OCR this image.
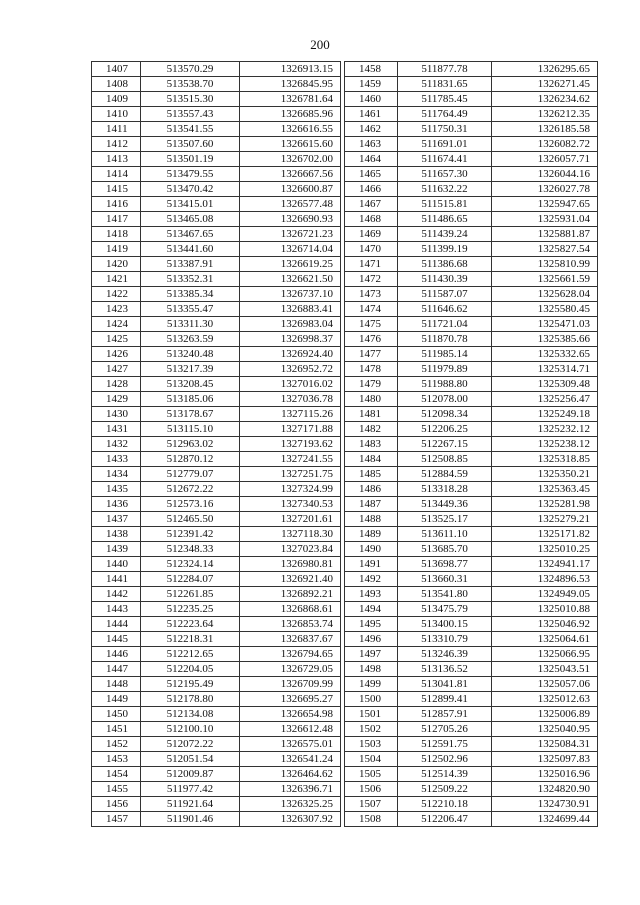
200
1407	513570.29	1326913.15
1408	513538.70	1326845.95
1409	513515.30	1326781.64
1410	513557.43	1326685.96
1411	513541.55	1326616.55
1412	513507.60	1326615.60
1413	513501.19	1326702.00
1414	513479.55	1326667.56
1415	513470.42	1326600.87
1416	513415.01	1326577.48
1417	513465.08	1326690.93
1418	513467.65	1326721.23
1419	513441.60	1326714.04
1420	513387.91	1326619.25
1421	513352.31	1326621.50
1422	513385.34	1326737.10
1423	513355.47	1326883.41
1424	513311.30	1326983.04
1425	513263.59	1326998.37
1426	513240.48	1326924.40
1427	513217.39	1326952.72
1428	513208.45	1327016.02
1429	513185.06	1327036.78
1430	513178.67	1327115.26
1431	513115.10	1327171.88
1432	512963.02	1327193.62
1433	512870.12	1327241.55
1434	512779.07	1327251.75
1435	512672.22	1327324.99
1436	512573.16	1327340.53
1437	512465.50	1327201.61
1438	512391.42	1327118.30
1439	512348.33	1327023.84
1440	512324.14	1326980.81
1441	512284.07	1326921.40
1442	512261.85	1326892.21
1443	512235.25	1326868.61
1444	512223.64	1326853.74
1445	512218.31	1326837.67
1446	512212.65	1326794.65
1447	512204.05	1326729.05
1448	512195.49	1326709.99
1449	512178.80	1326695.27
1450	512134.08	1326654.98
1451	512100.10	1326612.48
1452	512072.22	1326575.01
1453	512051.54	1326541.24
1454	512009.87	1326464.62
1455	511977.42	1326396.71
1456	511921.64	1326325.25
1457	511901.46	1326307.92
1458	511877.78	1326295.65
1459	511831.65	1326271.45
1460	511785.45	1326234.62
1461	511764.49	1326212.35
1462	511750.31	1326185.58
1463	511691.01	1326082.72
1464	511674.41	1326057.71
1465	511657.30	1326044.16
1466	511632.22	1326027.78
1467	511515.81	1325947.65
1468	511486.65	1325931.04
1469	511439.24	1325881.87
1470	511399.19	1325827.54
1471	511386.68	1325810.99
1472	511430.39	1325661.59
1473	511587.07	1325628.04
1474	511646.62	1325580.45
1475	511721.04	1325471.03
1476	511870.78	1325385.66
1477	511985.14	1325332.65
1478	511979.89	1325314.71
1479	511988.80	1325309.48
1480	512078.00	1325256.47
1481	512098.34	1325249.18
1482	512206.25	1325232.12
1483	512267.15	1325238.12
1484	512508.85	1325318.85
1485	512884.59	1325350.21
1486	513318.28	1325363.45
1487	513449.36	1325281.98
1488	513525.17	1325279.21
1489	513611.10	1325171.82
1490	513685.70	1325010.25
1491	513698.77	1324941.17
1492	513660.31	1324896.53
1493	513541.80	1324949.05
1494	513475.79	1325010.88
1495	513400.15	1325046.92
1496	513310.79	1325064.61
1497	513246.39	1325066.95
1498	513136.52	1325043.51
1499	513041.81	1325057.06
1500	512899.41	1325012.63
1501	512857.91	1325006.89
1502	512705.26	1325040.95
1503	512591.75	1325084.31
1504	512502.96	1325097.83
1505	512514.39	1325016.96
1506	512509.22	1324820.90
1507	512210.18	1324730.91
1508	512206.47	1324699.44
